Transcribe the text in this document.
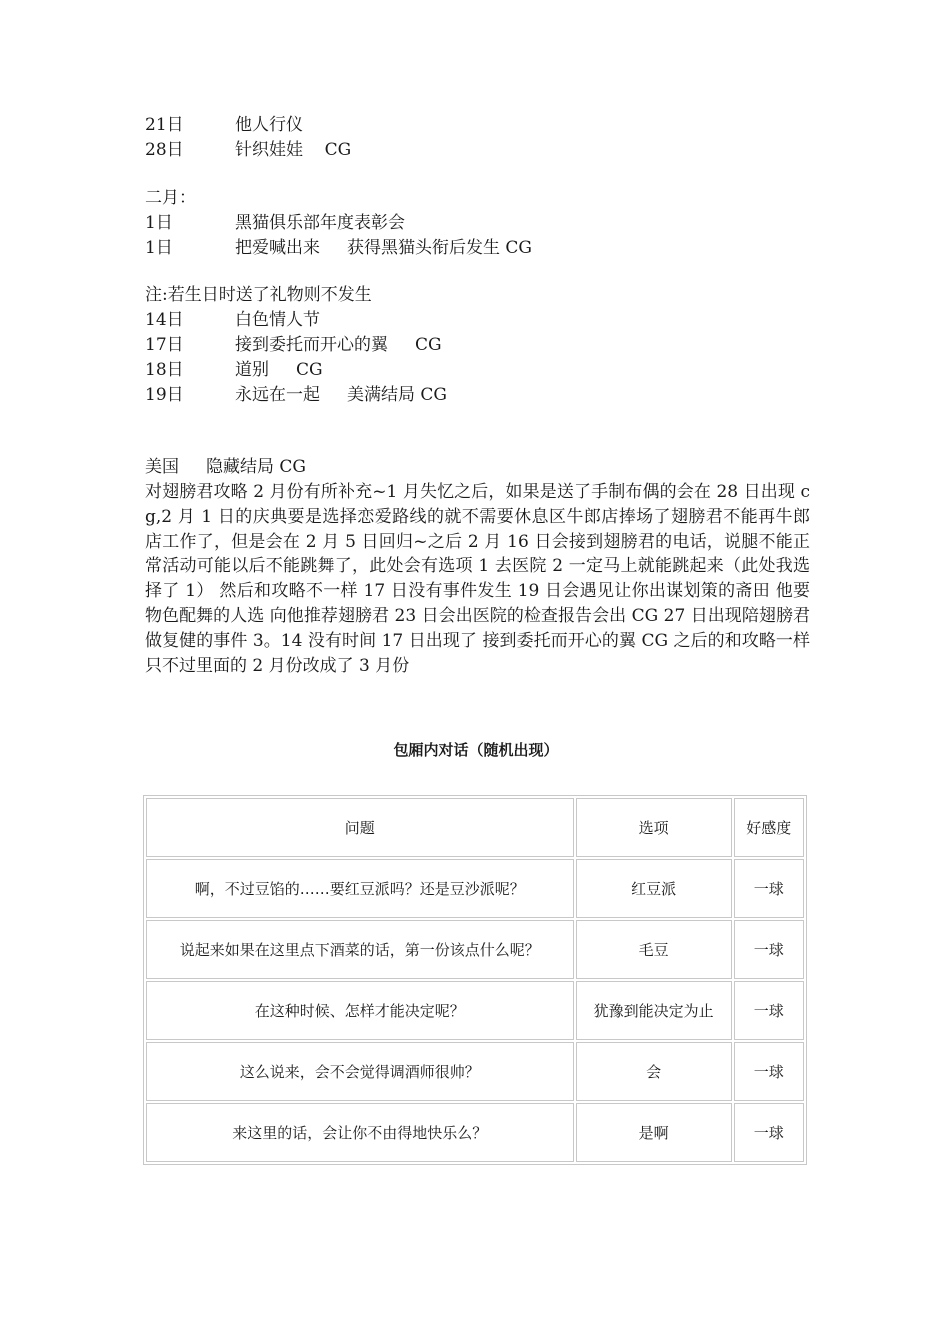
21日	他人行仪
28日	针织娃娃    CG
二月：
1日	黑猫俱乐部年度表彰会
1日	把爱喊出来     获得黑猫头衔后发生 CG
注:若生日时送了礼物则不发生
14日	白色情人节
17日	接到委托而开心的翼     CG
18日	道别     CG
19日	永远在一起     美满结局 CG
美国     隐藏结局 CG
对翅膀君攻略 2 月份有所补充~1 月失忆之后，如果是送了手制布偶的会在 28 日出现 cg,2 月 1 日的庆典要是选择恋爱路线的就不需要休息区牛郎店捧场了翅膀君不能再牛郎店工作了，但是会在 2 月 5 日回归~之后 2 月 16 日会接到翅膀君的电话，说腿不能正常活动可能以后不能跳舞了，此处会有选项 1 去医院 2 一定马上就能跳起来（此处我选择了 1） 然后和攻略不一样 17 日没有事件发生 19 日会遇见让你出谋划策的斋田 他要物色配舞的人选 向他推荐翅膀君 23 日会出医院的检查报告会出 CG 27 日出现陪翅膀君做复健的事件 3。14 没有时间 17 日出现了 接到委托而开心的翼 CG 之后的和攻略一样 只不过里面的 2 月份改成了 3 月份
包厢内对话（随机出现）
问题	选项	好感度
啊，不过豆馅的……要红豆派吗？还是豆沙派呢？	红豆派	一球
说起来如果在这里点下酒菜的话，第一份该点什么呢？	毛豆	一球
在这种时候、怎样才能决定呢？	犹豫到能决定为止	一球
这么说来，会不会觉得调酒师很帅？	会	一球
来这里的话，会让你不由得地快乐么？	是啊	一球
